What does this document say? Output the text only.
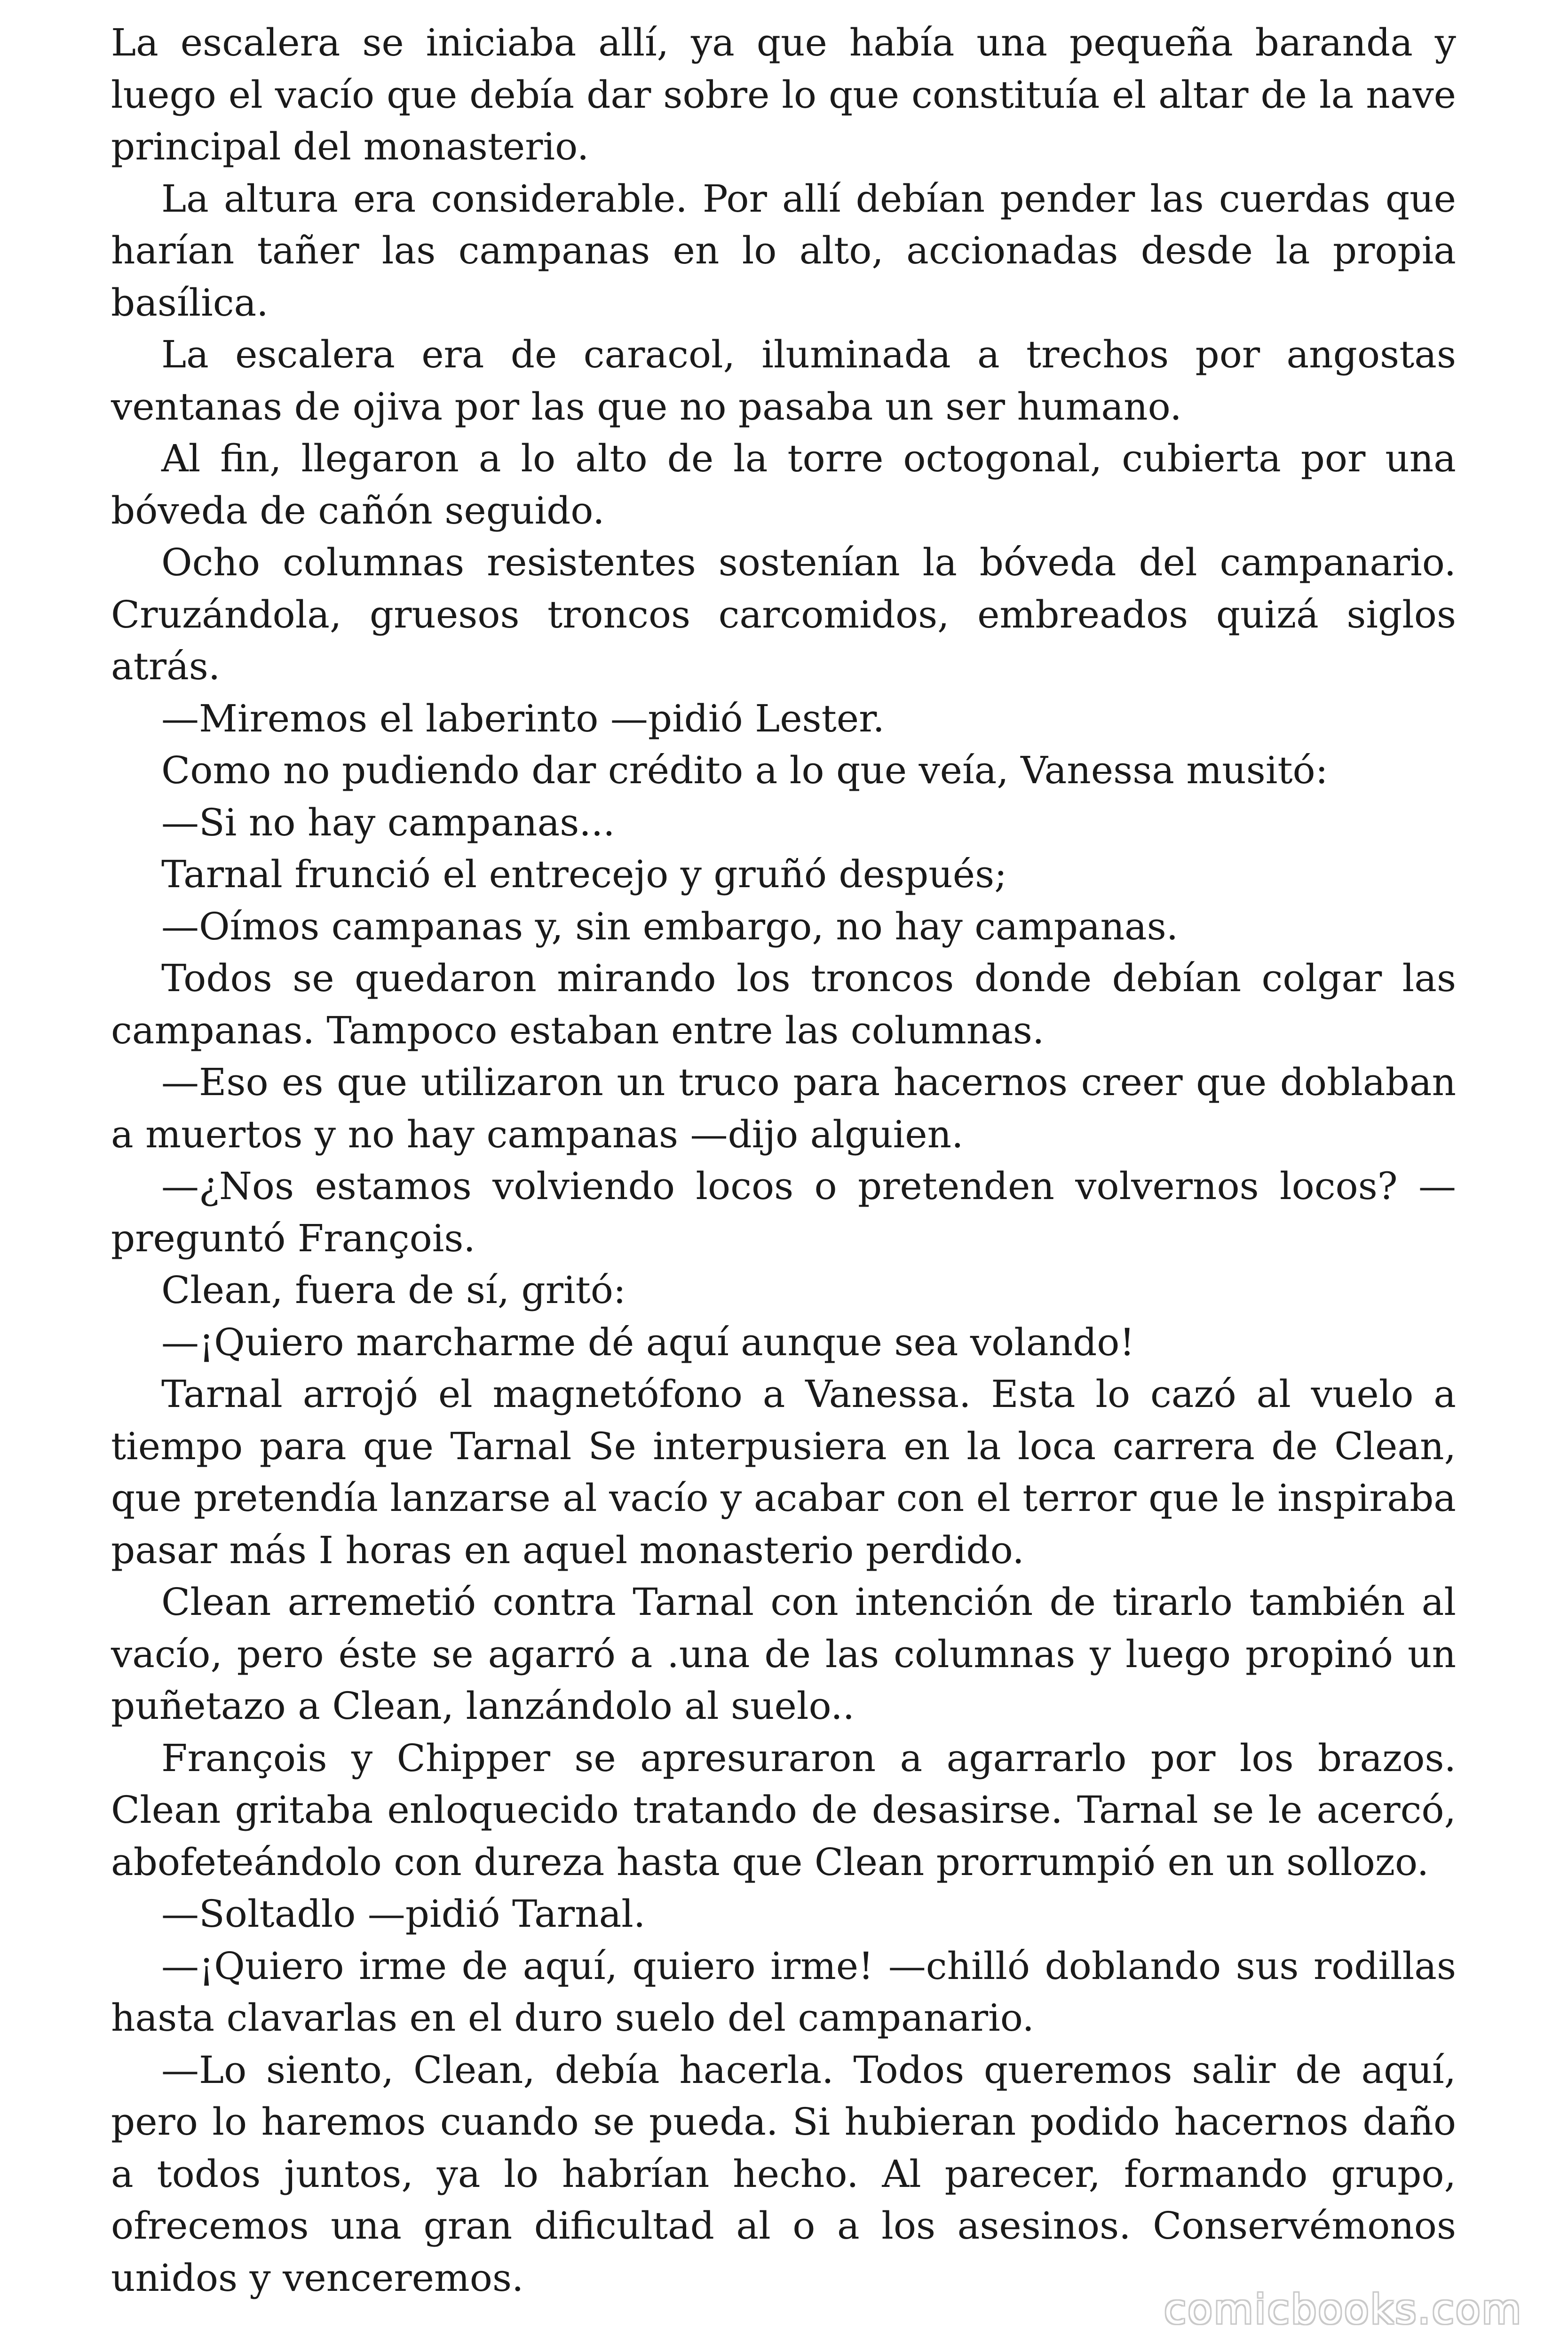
La escalera se iniciaba allí, ya que había una pequeña baranda y luego el vacío que debía dar sobre lo que constituía el altar de la nave principal del monasterio.

La altura era considerable. Por allí debían pender las cuerdas que harían tañer las campanas en lo alto, accionadas desde la propia basílica.

La escalera era de caracol, iluminada a trechos por angostas ventanas de ojiva por las que no pasaba un ser humano.

Al fin, llegaron a lo alto de la torre octogonal, cubierta por una bóveda de cañón seguido.

Ocho columnas resistentes sostenían la bóveda del campanario. Cruzándola, gruesos troncos carcomidos, embreados quizá siglos atrás.

—Miremos el laberinto —pidió Lester.

Como no pudiendo dar crédito a lo que veía, Vanessa musitó:

—Si no hay campanas...

Tarnal frunció el entrecejo y gruñó después;

—Oímos campanas y, sin embargo, no hay campanas.

Todos se quedaron mirando los troncos donde debían colgar las campanas. Tampoco estaban entre las columnas.

—Eso es que utilizaron un truco para hacernos creer que doblaban a muertos y no hay campanas —dijo alguien.

—¿Nos estamos volviendo locos o pretenden volvernos locos? —preguntó François.

Clean, fuera de sí, gritó:

—¡Quiero marcharme dé aquí aunque sea volando!

Tarnal arrojó el magnetófono a Vanessa. Esta lo cazó al vuelo a tiempo para que Tarnal Se interpusiera en la loca carrera de Clean, que pretendía lanzarse al vacío y acabar con el terror que le inspiraba pasar más I horas en aquel monasterio perdido.

Clean arremetió contra Tarnal con intención de tirarlo también al vacío, pero éste se agarró a .una de las columnas y luego propinó un puñetazo a Clean, lanzándolo al suelo..

François y Chipper se apresuraron a agarrarlo por los brazos. Clean gritaba enloquecido tratando de desasirse. Tarnal se le acercó, abofeteándolo con dureza hasta que Clean prorrumpió en un sollozo.

—Soltadlo —pidió Tarnal.

—¡Quiero irme de aquí, quiero irme! —chilló doblando sus rodillas hasta clavarlas en el duro suelo del campanario.

—Lo siento, Clean, debía hacerla. Todos queremos salir de aquí, pero lo haremos cuando se pueda. Si hubieran podido hacernos daño a todos juntos, ya lo habrían hecho. Al parecer, formando grupo, ofrecemos una gran dificultad al o a los asesinos. Conservémonos unidos y venceremos.

comicbooks.com
